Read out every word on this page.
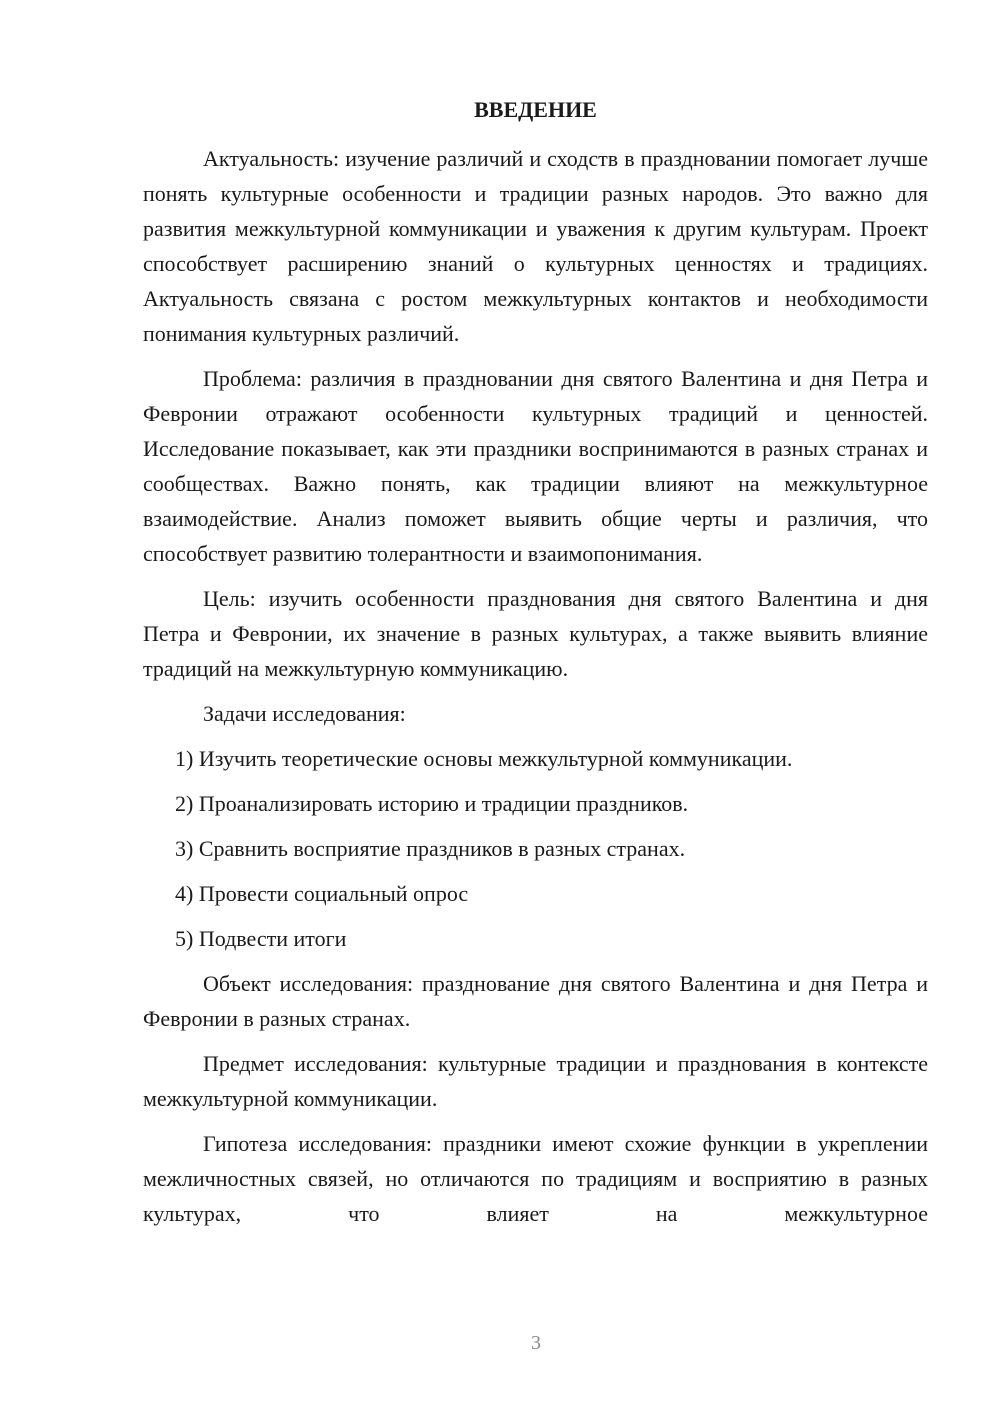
ВВЕДЕНИЕ

Актуальность: изучение различий и сходств в праздновании помогает лучше понять культурные особенности и традиции разных народов. Это важно для развития межкультурной коммуникации и уважения к другим культурам. Проект способствует расширению знаний о культурных ценностях и традициях. Актуальность связана с ростом межкультурных контактов и необходимости понимания культурных различий.

Проблема: различия в праздновании дня святого Валентина и дня Петра и Февронии отражают особенности культурных традиций и ценностей. Исследование показывает, как эти праздники воспринимаются в разных странах и сообществах. Важно понять, как традиции влияют на межкультурное взаимодействие. Анализ поможет выявить общие черты и различия, что способствует развитию толерантности и взаимопонимания.

Цель: изучить особенности празднования дня святого Валентина и дня Петра и Февронии, их значение в разных культурах, а также выявить влияние традиций на межкультурную коммуникацию.

Задачи исследования:

1) Изучить теоретические основы межкультурной коммуникации.

2) Проанализировать историю и традиции праздников.

3) Сравнить восприятие праздников в разных странах.

4) Провести социальный опрос

5) Подвести итоги

Объект исследования: празднование дня святого Валентина и дня Петра и Февронии в разных странах.

Предмет исследования: культурные традиции и празднования в контексте межкультурной коммуникации.

Гипотеза исследования: праздники имеют схожие функции в укреплении межличностных связей, но отличаются по традициям и восприятию в разных культурах, что влияет на межкультурное

3
